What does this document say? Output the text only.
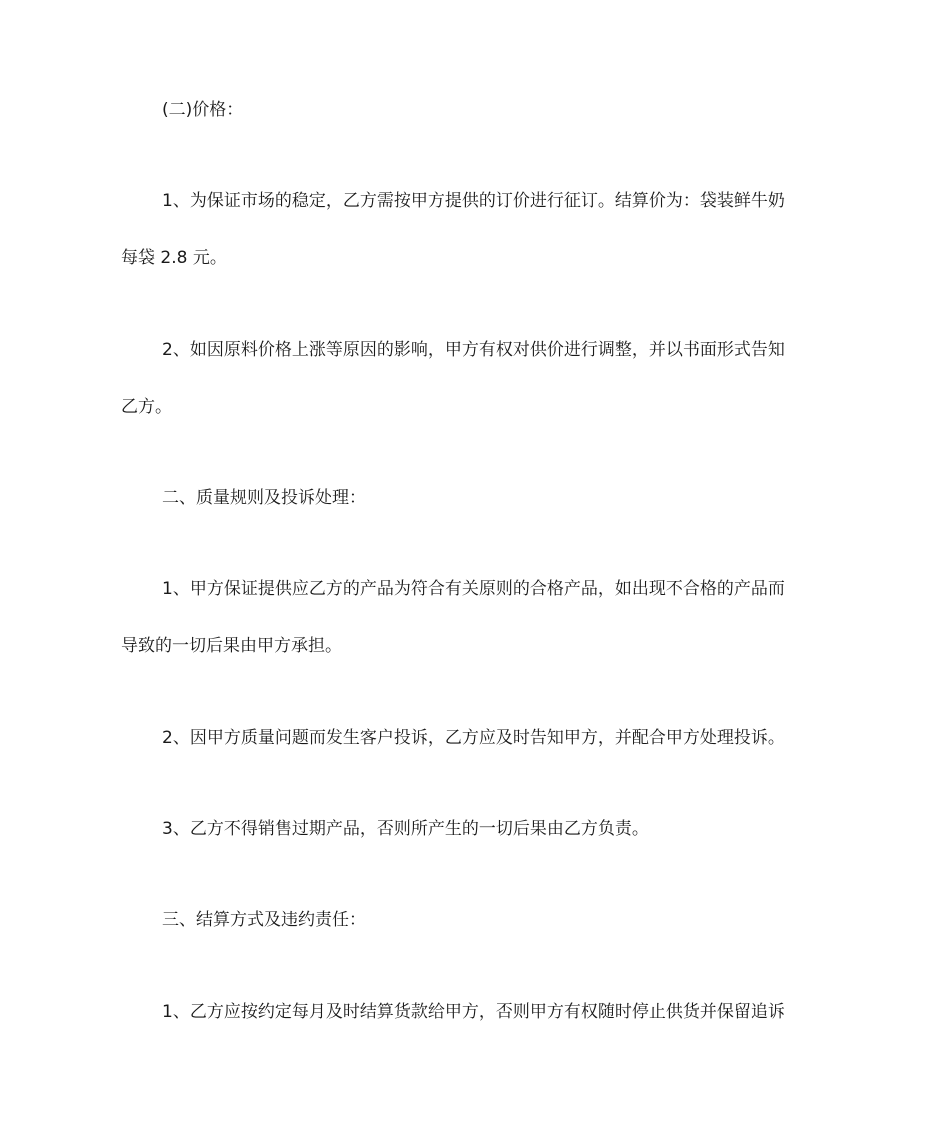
(二)价格：
1、为保证市场的稳定，乙方需按甲方提供的订价进行征订。结算价为：袋装鲜牛奶
每袋 2.8 元。
2、如因原料价格上涨等原因的影响，甲方有权对供价进行调整，并以书面形式告知
乙方。
二、质量规则及投诉处理：
1、甲方保证提供应乙方的产品为符合有关原则的合格产品，如出现不合格的产品而
导致的一切后果由甲方承担。
2、因甲方质量问题而发生客户投诉，乙方应及时告知甲方，并配合甲方处理投诉。
3、乙方不得销售过期产品，否则所产生的一切后果由乙方负责。
三、结算方式及违约责任：
1、乙方应按约定每月及时结算货款给甲方，否则甲方有权随时停止供货并保留追诉
